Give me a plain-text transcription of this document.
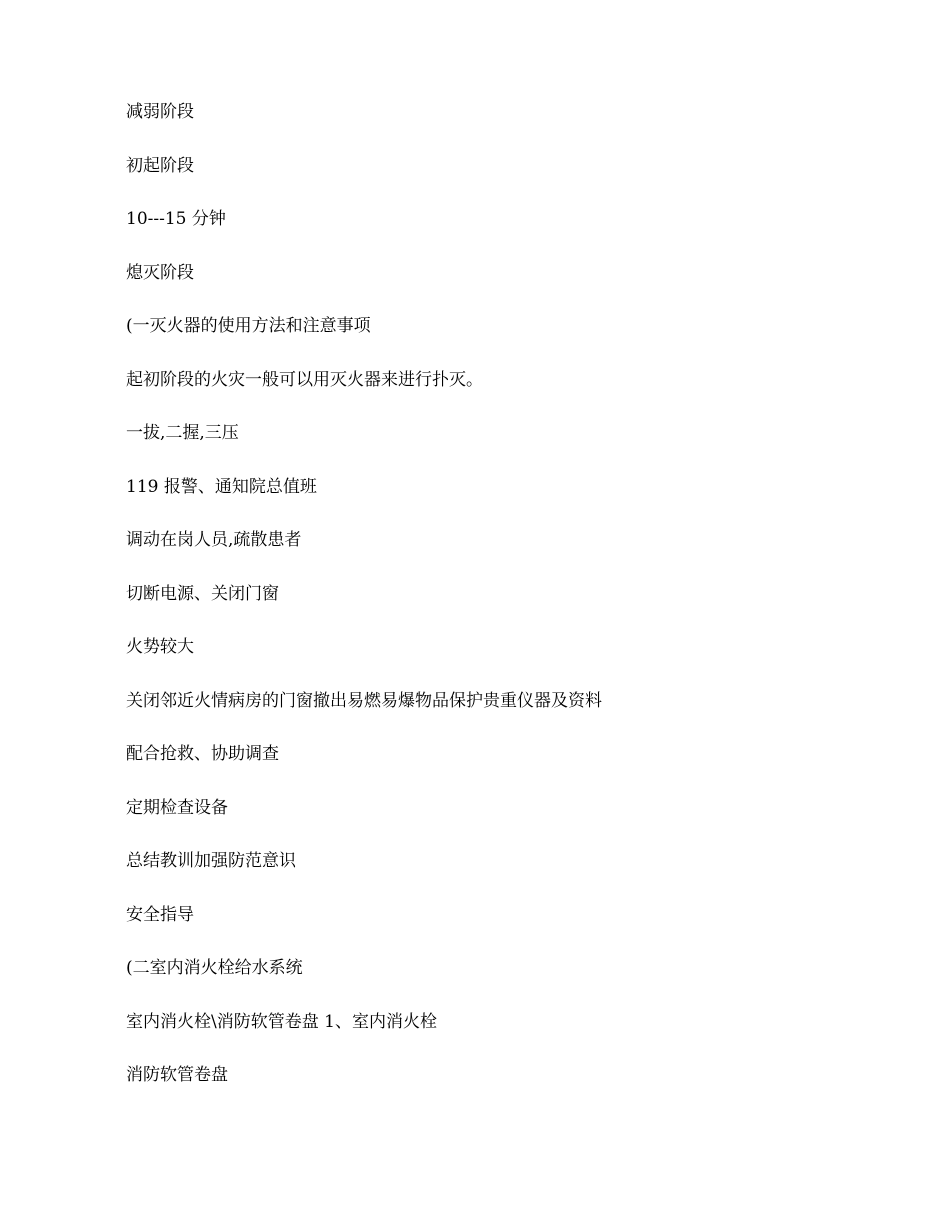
减弱阶段
初起阶段
10---15 分钟
熄灭阶段
(一灭火器的使用方法和注意事项
起初阶段的火灾一般可以用灭火器来进行扑灭。
一拔,二握,三压
119 报警、通知院总值班
调动在岗人员,疏散患者
切断电源、关闭门窗
火势较大
关闭邻近火情病房的门窗撤出易燃易爆物品保护贵重仪器及资料
配合抢救、协助调查
定期检查设备
总结教训加强防范意识
安全指导
(二室内消火栓给水系统
室内消火栓\消防软管卷盘 1、室内消火栓
消防软管卷盘
